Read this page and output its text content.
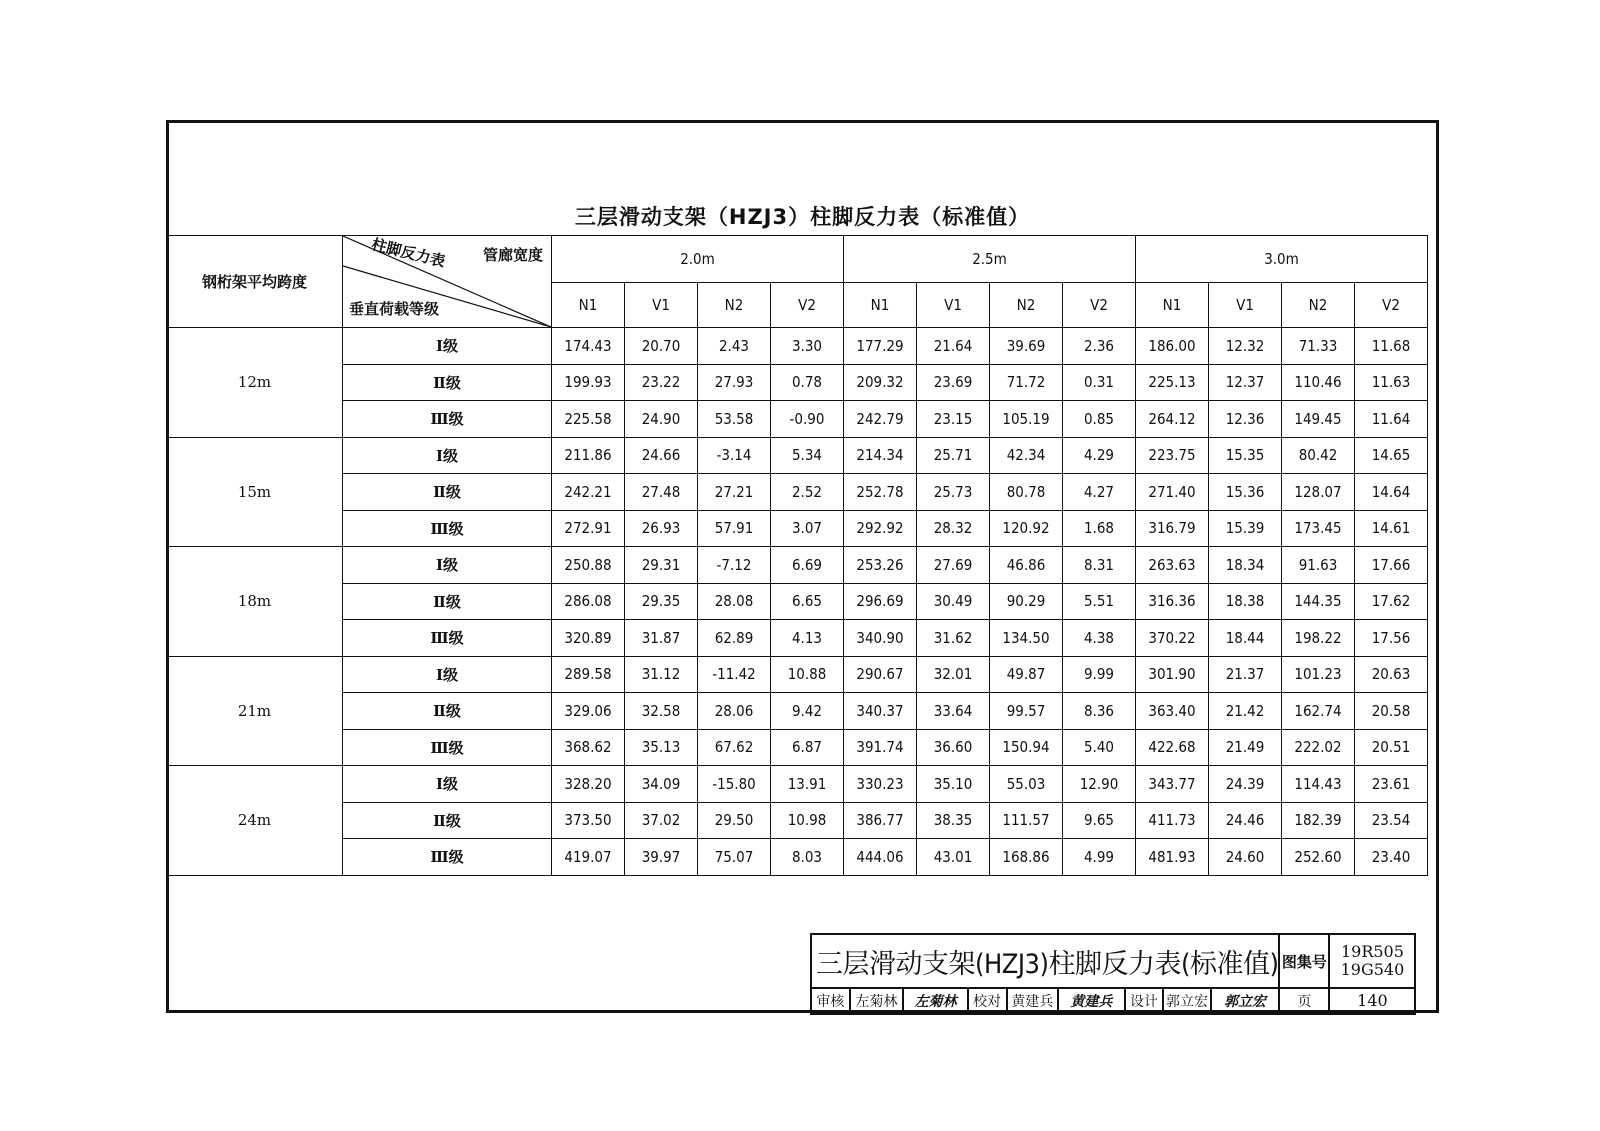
三层滑动支架（HZJ3）柱脚反力表（标准值）
钢桁架平均跨度	柱脚反力表 管廊宽度
垂直荷载等级	2.0m				2.5m				3.0m			
		N1	V1	N2	V2	N1	V1	N2	V2	N1	V1	N2	V2
12m	Ⅰ级	174.43	20.70	2.43	3.30	177.29	21.64	39.69	2.36	186.00	12.32	71.33	11.68
	Ⅱ级	199.93	23.22	27.93	0.78	209.32	23.69	71.72	0.31	225.13	12.37	110.46	11.63
	Ⅲ级	225.58	24.90	53.58	-0.90	242.79	23.15	105.19	0.85	264.12	12.36	149.45	11.64
15m	Ⅰ级	211.86	24.66	-3.14	5.34	214.34	25.71	42.34	4.29	223.75	15.35	80.42	14.65
	Ⅱ级	242.21	27.48	27.21	2.52	252.78	25.73	80.78	4.27	271.40	15.36	128.07	14.64
	Ⅲ级	272.91	26.93	57.91	3.07	292.92	28.32	120.92	1.68	316.79	15.39	173.45	14.61
18m	Ⅰ级	250.88	29.31	-7.12	6.69	253.26	27.69	46.86	8.31	263.63	18.34	91.63	17.66
	Ⅱ级	286.08	29.35	28.08	6.65	296.69	30.49	90.29	5.51	316.36	18.38	144.35	17.62
	Ⅲ级	320.89	31.87	62.89	4.13	340.90	31.62	134.50	4.38	370.22	18.44	198.22	17.56
21m	Ⅰ级	289.58	31.12	-11.42	10.88	290.67	32.01	49.87	9.99	301.90	21.37	101.23	20.63
	Ⅱ级	329.06	32.58	28.06	9.42	340.37	33.64	99.57	8.36	363.40	21.42	162.74	20.58
	Ⅲ级	368.62	35.13	67.62	6.87	391.74	36.60	150.94	5.40	422.68	21.49	222.02	20.51
24m	Ⅰ级	328.20	34.09	-15.80	13.91	330.23	35.10	55.03	12.90	343.77	24.39	114.43	23.61
	Ⅱ级	373.50	37.02	29.50	10.98	386.77	38.35	111.57	9.65	411.73	24.46	182.39	23.54
	Ⅲ级	419.07	39.97	75.07	8.03	444.06	43.01	168.86	4.99	481.93	24.60	252.60	23.40
三层滑动支架(HZJ3)柱脚反力表(标准值)									图集号	19R505
19G540

审核	左菊林	左菊林	校对	黄建兵	黄建兵	设计	郭立宏	郭立宏	页	140
